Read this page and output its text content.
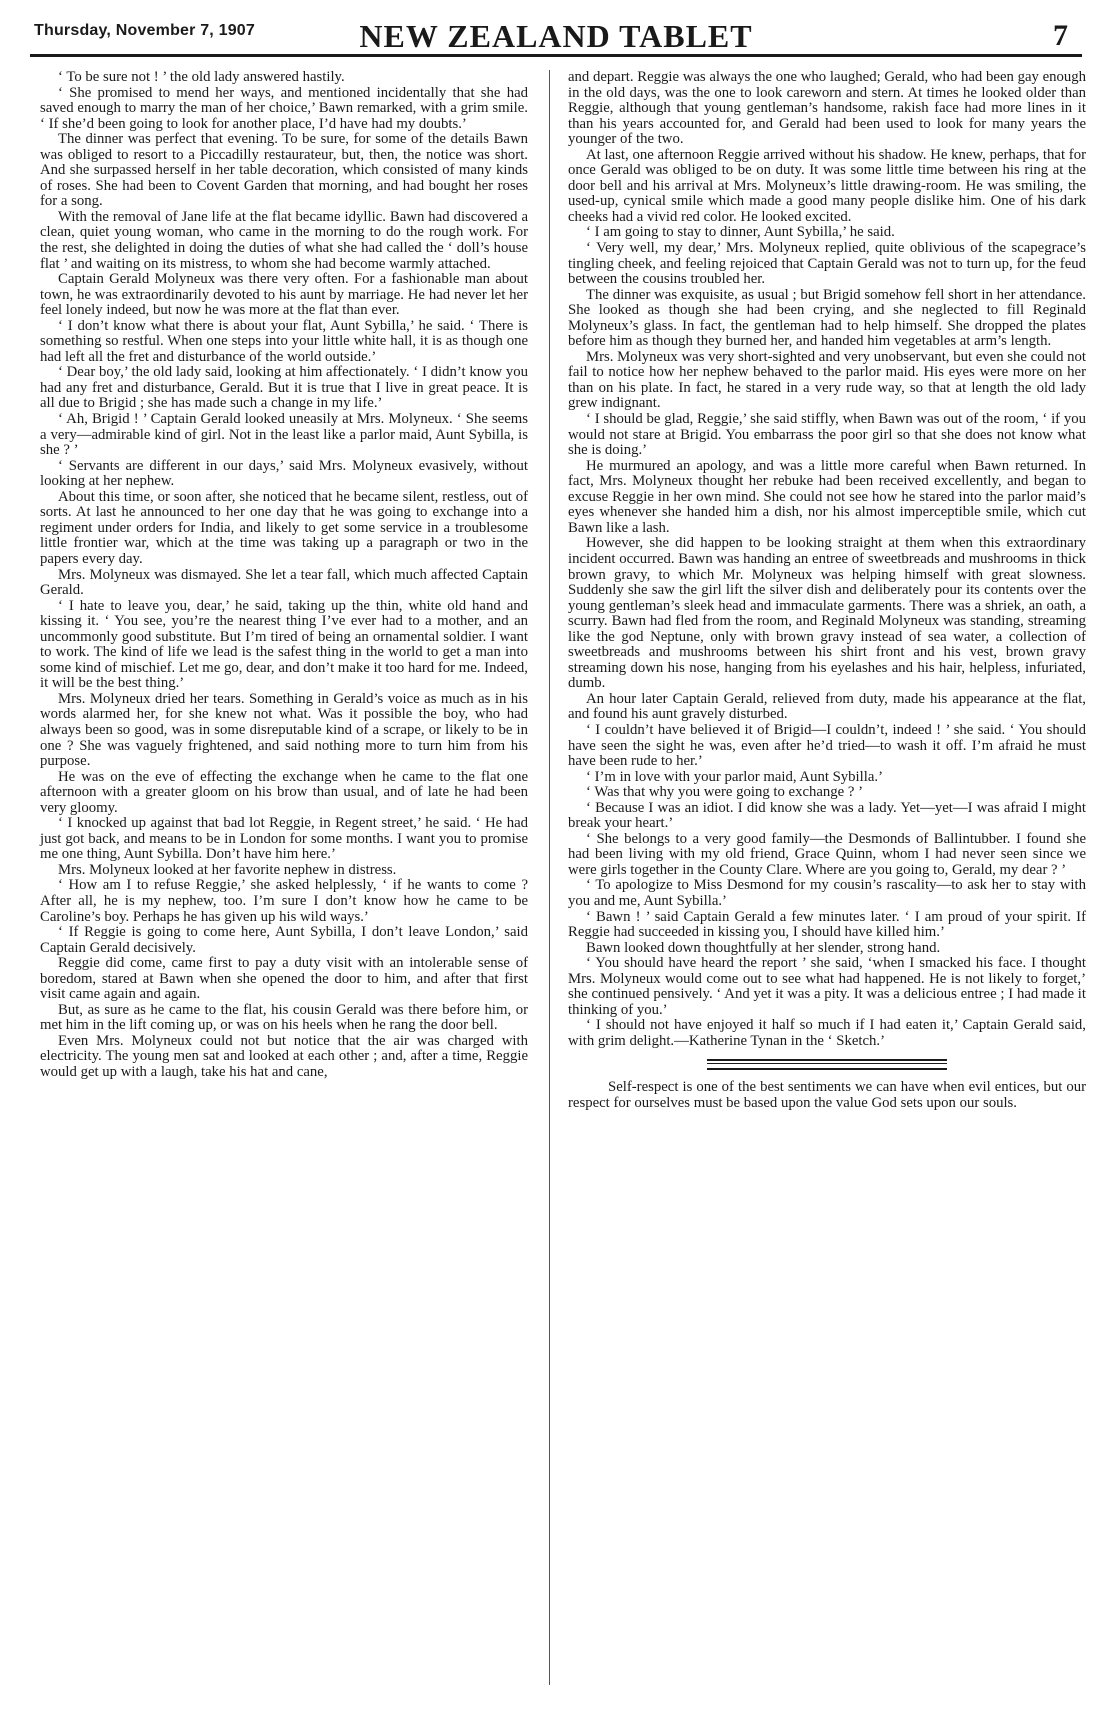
Thursday, November 7, 1907	NEW ZEALAND TABLET	7

‘ To be sure not ! ’ the old lady answered hastily.

‘ She promised to mend her ways, and mentioned incidentally that she had saved enough to marry the man of her choice,’ Bawn remarked, with a grim smile. ‘ If she’d been going to look for another place, I’d have had my doubts.’

The dinner was perfect that evening. To be sure, for some of the details Bawn was obliged to resort to a Piccadilly restaurateur, but, then, the notice was short. And she surpassed herself in her table decoration, which consisted of many kinds of roses. She had been to Covent Garden that morning, and had bought her roses for a song.

With the removal of Jane life at the flat became idyllic. Bawn had discovered a clean, quiet young woman, who came in the morning to do the rough work. For the rest, she delighted in doing the duties of what she had called the ‘ doll’s house flat ’ and waiting on its mistress, to whom she had become warmly attached.

Captain Gerald Molyneux was there very often. For a fashionable man about town, he was extraordinarily devoted to his aunt by marriage. He had never let her feel lonely indeed, but now he was more at the flat than ever.

‘ I don’t know what there is about your flat, Aunt Sybilla,’ he said. ‘ There is something so restful. When one steps into your little white hall, it is as though one had left all the fret and disturbance of the world outside.’

‘ Dear boy,’ the old lady said, looking at him affectionately. ‘ I didn’t know you had any fret and disturbance, Gerald. But it is true that I live in great peace. It is all due to Brigid ; she has made such a change in my life.’

‘ Ah, Brigid ! ’ Captain Gerald looked uneasily at Mrs. Molyneux. ‘ She seems a very—admirable kind of girl. Not in the least like a parlor maid, Aunt Sybilla, is she ? ’

‘ Servants are different in our days,’ said Mrs. Molyneux evasively, without looking at her nephew.

About this time, or soon after, she noticed that he became silent, restless, out of sorts. At last he announced to her one day that he was going to exchange into a regiment under orders for India, and likely to get some service in a troublesome little frontier war, which at the time was taking up a paragraph or two in the papers every day.

Mrs. Molyneux was dismayed. She let a tear fall, which much affected Captain Gerald.

‘ I hate to leave you, dear,’ he said, taking up the thin, white old hand and kissing it. ‘ You see, you’re the nearest thing I’ve ever had to a mother, and an uncommonly good substitute. But I’m tired of being an ornamental soldier. I want to work. The kind of life we lead is the safest thing in the world to get a man into some kind of mischief. Let me go, dear, and don’t make it too hard for me. Indeed, it will be the best thing.’

Mrs. Molyneux dried her tears. Something in Gerald’s voice as much as in his words alarmed her, for she knew not what. Was it possible the boy, who had always been so good, was in some disreputable kind of a scrape, or likely to be in one ? She was vaguely frightened, and said nothing more to turn him from his purpose.

He was on the eve of effecting the exchange when he came to the flat one afternoon with a greater gloom on his brow than usual, and of late he had been very gloomy.

‘ I knocked up against that bad lot Reggie, in Regent street,’ he said. ‘ He had just got back, and means to be in London for some months. I want you to promise me one thing, Aunt Sybilla. Don’t have him here.’

Mrs. Molyneux looked at her favorite nephew in distress.

‘ How am I to refuse Reggie,’ she asked helplessly, ‘ if he wants to come ? After all, he is my nephew, too. I’m sure I don’t know how he came to be Caroline’s boy. Perhaps he has given up his wild ways.’

‘ If Reggie is going to come here, Aunt Sybilla, I don’t leave London,’ said Captain Gerald decisively.

Reggie did come, came first to pay a duty visit with an intolerable sense of boredom, stared at Bawn when she opened the door to him, and after that first visit came again and again.

But, as sure as he came to the flat, his cousin Gerald was there before him, or met him in the lift coming up, or was on his heels when he rang the door bell.

Even Mrs. Molyneux could not but notice that the air was charged with electricity. The young men sat and looked at each other ; and, after a time, Reggie would get up with a laugh, take his hat and cane,

and depart. Reggie was always the one who laughed; Gerald, who had been gay enough in the old days, was the one to look careworn and stern. At times he looked older than Reggie, although that young gentleman’s handsome, rakish face had more lines in it than his years accounted for, and Gerald had been used to look for many years the younger of the two.

At last, one afternoon Reggie arrived without his shadow. He knew, perhaps, that for once Gerald was obliged to be on duty. It was some little time between his ring at the door bell and his arrival at Mrs. Molyneux’s little drawing-room. He was smiling, the used-up, cynical smile which made a good many people dislike him. One of his dark cheeks had a vivid red color. He looked excited.

‘ I am going to stay to dinner, Aunt Sybilla,’ he said.

‘ Very well, my dear,’ Mrs. Molyneux replied, quite oblivious of the scapegrace’s tingling cheek, and feeling rejoiced that Captain Gerald was not to turn up, for the feud between the cousins troubled her.

The dinner was exquisite, as usual ; but Brigid somehow fell short in her attendance. She looked as though she had been crying, and she neglected to fill Reginald Molyneux’s glass. In fact, the gentleman had to help himself. She dropped the plates before him as though they burned her, and handed him vegetables at arm’s length.

Mrs. Molyneux was very short-sighted and very unobservant, but even she could not fail to notice how her nephew behaved to the parlor maid. His eyes were more on her than on his plate. In fact, he stared in a very rude way, so that at length the old lady grew indignant.

‘ I should be glad, Reggie,’ she said stiffly, when Bawn was out of the room, ‘ if you would not stare at Brigid. You embarrass the poor girl so that she does not know what she is doing.’

He murmured an apology, and was a little more careful when Bawn returned. In fact, Mrs. Molyneux thought her rebuke had been received excellently, and began to excuse Reggie in her own mind. She could not see how he stared into the parlor maid’s eyes whenever she handed him a dish, nor his almost imperceptible smile, which cut Bawn like a lash.

However, she did happen to be looking straight at them when this extraordinary incident occurred. Bawn was handing an entree of sweetbreads and mushrooms in thick brown gravy, to which Mr. Molyneux was helping himself with great slowness. Suddenly she saw the girl lift the silver dish and deliberately pour its contents over the young gentleman’s sleek head and immaculate garments. There was a shriek, an oath, a scurry. Bawn had fled from the room, and Reginald Molyneux was standing, streaming like the god Neptune, only with brown gravy instead of sea water, a collection of sweetbreads and mushrooms between his shirt front and his vest, brown gravy streaming down his nose, hanging from his eyelashes and his hair, helpless, infuriated, dumb.

An hour later Captain Gerald, relieved from duty, made his appearance at the flat, and found his aunt gravely disturbed.

‘ I couldn’t have believed it of Brigid—I couldn’t, indeed ! ’ she said. ‘ You should have seen the sight he was, even after he’d tried—to wash it off. I’m afraid he must have been rude to her.’

‘ I’m in love with your parlor maid, Aunt Sybilla.’

‘ Was that why you were going to exchange ? ’

‘ Because I was an idiot. I did know she was a lady. Yet—yet—I was afraid I might break your heart.’

‘ She belongs to a very good family—the Desmonds of Ballintubber. I found she had been living with my old friend, Grace Quinn, whom I had never seen since we were girls together in the County Clare. Where are you going to, Gerald, my dear ? ’

‘ To apologize to Miss Desmond for my cousin’s rascality—to ask her to stay with you and me, Aunt Sybilla.’

‘ Bawn ! ’ said Captain Gerald a few minutes later. ‘ I am proud of your spirit. If Reggie had succeeded in kissing you, I should have killed him.’

Bawn looked down thoughtfully at her slender, strong hand.

‘ You should have heard the report ’ she said, ‘when I smacked his face. I thought Mrs. Molyneux would come out to see what had happened. He is not likely to forget,’ she continued pensively. ‘ And yet it was a pity. It was a delicious entree ; I had made it thinking of you.’

‘ I should not have enjoyed it half so much if I had eaten it,’ Captain Gerald said, with grim delight.—Katherine Tynan in the ‘ Sketch.’

Self-respect is one of the best sentiments we can have when evil entices, but our respect for ourselves must be based upon the value God sets upon our souls.
